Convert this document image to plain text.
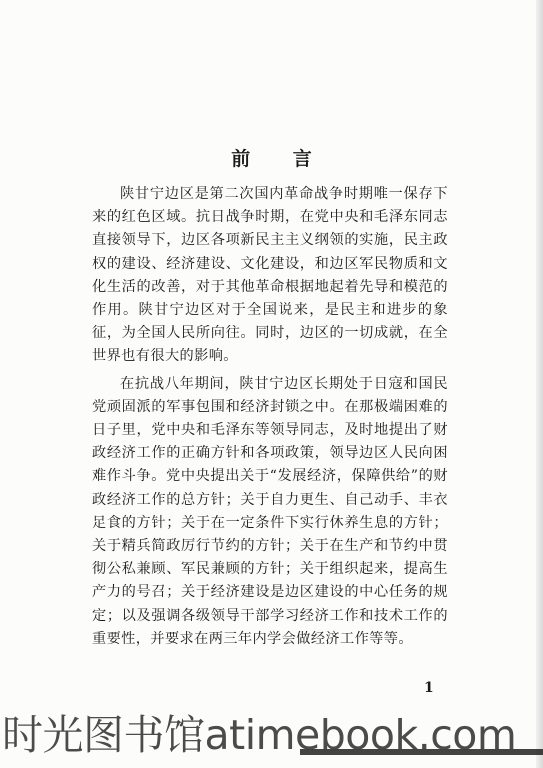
前 言

陕甘宁边区是第二次国内革命战争时期唯一保存下来的红色区域。抗日战争时期，在党中央和毛泽东同志直接领导下，边区各项新民主主义纲领的实施，民主政权的建设、经济建设、文化建设，和边区军民物质和文化生活的改善，对于其他革命根据地起着先导和模范的作用。陕甘宁边区对于全国说来，是民主和进步的象征，为全国人民所向往。同时，边区的一切成就，在全世界也有很大的影响。

在抗战八年期间，陕甘宁边区长期处于日寇和国民党顽固派的军事包围和经济封锁之中。在那极端困难的日子里，党中央和毛泽东等领导同志，及时地提出了财政经济工作的正确方针和各项政策，领导边区人民向困难作斗争。党中央提出关于“发展经济，保障供给”的财政经济工作的总方针；关于自力更生、自己动手、丰衣足食的方针；关于在一定条件下实行休养生息的方针；关于精兵简政厉行节约的方针；关于在生产和节约中贯彻公私兼顾、军民兼顾的方针；关于组织起来，提高生产力的号召；关于经济建设是边区建设的中心任务的规定；以及强调各级领导干部学习经济工作和技术工作的重要性，并要求在两三年内学会做经济工作等等。

1
时光图书馆atimebook.com
